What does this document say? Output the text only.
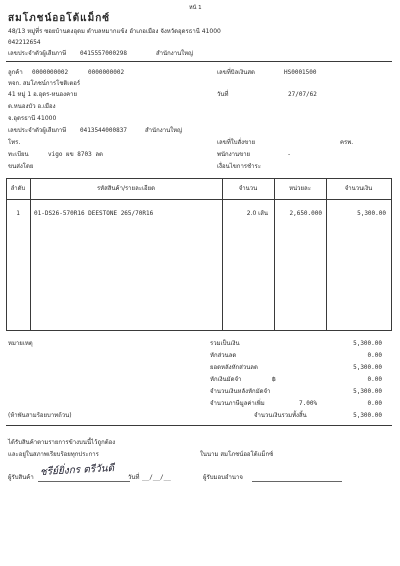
หน้ 1
สมโภชน์ออโต้แม็กซ์
48/13 หมู่ที่ร ซอยบ้านดงอุดม ตำบลหมากแข้ง อำเภอเมือง จังหวัดอุดรธานี 41000
042212654
เลขประจำตัวผู้เสียภาษี 0415557000298	สำนักงานใหญ่
ลูกค้า 0000000002	0000000002
หจก. สมโภชน์การโชติเตอร์
41 หมู่ 1 อ.อุดร-หนองคาย
ต.หนองบัว อ.เมือง
จ.อุดรธานี 41000
เลขประจำตัวผู้เสียภาษี 0413544000837	สำนักงานใหญ่
โทร.
ทะเบียน	vigo ผข 8703 ลต
ขนส่งโดย
เลขที่บิลเงินสด	HS0001500
วันที่	27/07/62
เลขที่ใบสั่งขาย	ครพ.
พนักงานขาย	-
เงื่อนไขการชำระ
ลำดับ	รหัสสินค้า/รายละเอียด	จำนวน	หน่วยละ	จำนวนเงิน
1	01-DS26-570R16 DEESTONE 265/70R16	2.0 เส้น	2,650.000	5,300.00
หมายเหตุ	รวมเป็นเงิน	5,300.00
หักส่วนลด	0.00
ยอดหลังหักส่วนลด	5,300.00
หักเงินมัดจำ	฿	0.00
จำนวนเงินหลังหักมัดจำ	5,300.00
จำนวนภาษีมูลค่าเพิ่ม	7.00%	0.00
(ห้าพันสามร้อยบาทถ้วน)	จำนวนเงินรวมทั้งสิ้น	5,300.00
ได้รับสินค้าตามรายการข้างบนนี้ไว้ถูกต้อง
และอยู่ในสภาพเรียบร้อยทุกประการ	ในนาม สมโภชน์ออโต้แม็กซ์
ผู้รับสินค้า ชรีย์ยิ่งกร ตรีวันดี วันที่ __/__/__	ผู้รับมอบอำนาจ
